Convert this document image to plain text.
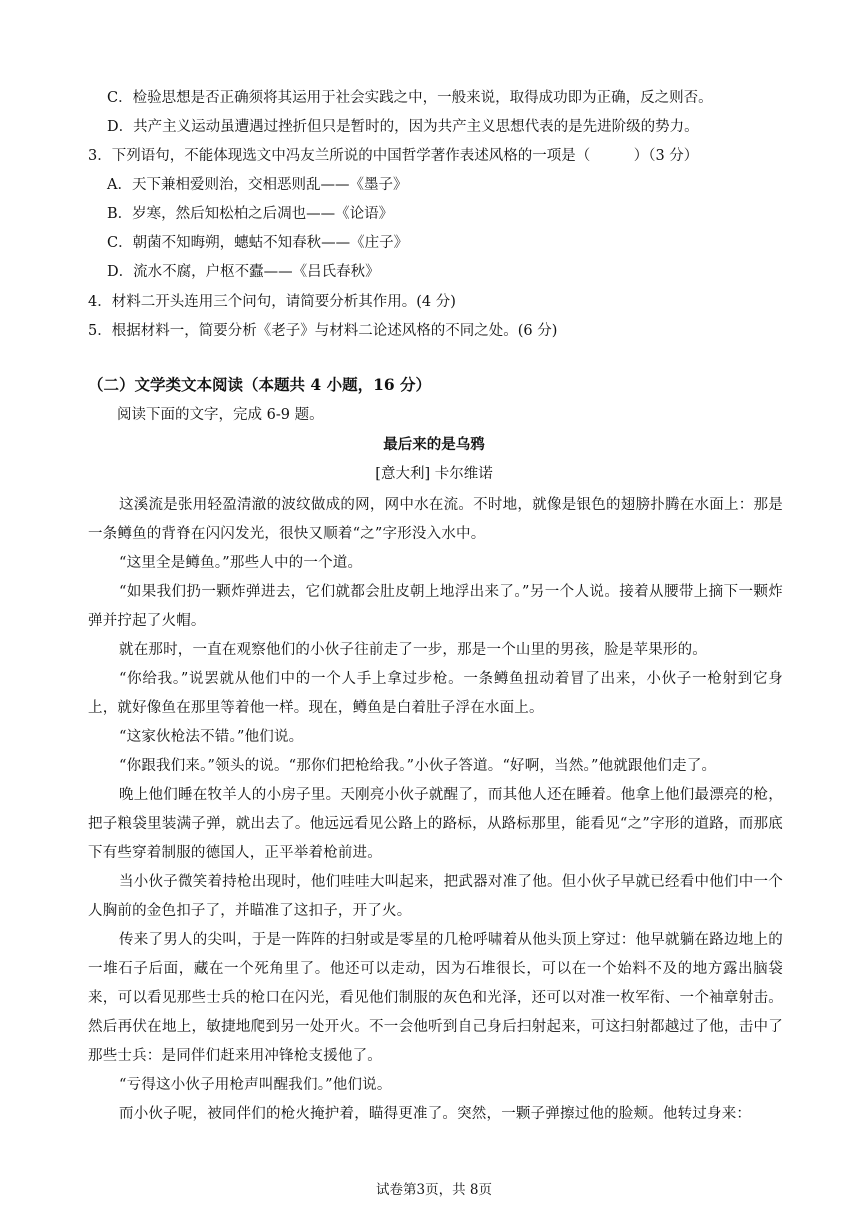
C．检验思想是否正确须将其运用于社会实践之中，一般来说，取得成功即为正确，反之则否。
D．共产主义运动虽遭遇过挫折但只是暂时的，因为共产主义思想代表的是先进阶级的势力。
3．下列语句，不能体现选文中冯友兰所说的中国哲学著作表述风格的一项是（　　　）（3 分）
A．天下兼相爱则治，交相恶则乱——《墨子》
B．岁寒，然后知松柏之后凋也——《论语》
C．朝菌不知晦朔，蟪蛄不知春秋——《庄子》
D．流水不腐，户枢不蠹——《吕氏春秋》
4．材料二开头连用三个问句，请简要分析其作用。(4 分)
5．根据材料一，简要分析《老子》与材料二论述风格的不同之处。(6 分)
（二）文学类文本阅读（本题共 4 小题，16 分）
阅读下面的文字，完成 6-9 题。
最后来的是乌鸦
[意大利] 卡尔维诺
这溪流是张用轻盈清澈的波纹做成的网，网中水在流。不时地，就像是银色的翅膀扑腾在水面上：那是一条鳟鱼的背脊在闪闪发光，很快又顺着“之”字形没入水中。
“这里全是鳟鱼。”那些人中的一个道。
“如果我们扔一颗炸弹进去，它们就都会肚皮朝上地浮出来了。”另一个人说。接着从腰带上摘下一颗炸弹并拧起了火帽。
就在那时，一直在观察他们的小伙子往前走了一步，那是一个山里的男孩，脸是苹果形的。
“你给我。”说罢就从他们中的一个人手上拿过步枪。一条鳟鱼扭动着冒了出来，小伙子一枪射到它身上，就好像鱼在那里等着他一样。现在，鳟鱼是白着肚子浮在水面上。
“这家伙枪法不错。”他们说。
“你跟我们来。”领头的说。“那你们把枪给我。”小伙子答道。“好啊，当然。”他就跟他们走了。
晚上他们睡在牧羊人的小房子里。天刚亮小伙子就醒了，而其他人还在睡着。他拿上他们最漂亮的枪，把子粮袋里装满子弹，就出去了。他远远看见公路上的路标，从路标那里，能看见“之”字形的道路，而那底下有些穿着制服的德国人，正平举着枪前进。
当小伙子微笑着持枪出现时，他们哇哇大叫起来，把武器对准了他。但小伙子早就已经看中他们中一个人胸前的金色扣子了，并瞄准了这扣子，开了火。
传来了男人的尖叫，于是一阵阵的扫射或是零星的几枪呼啸着从他头顶上穿过：他早就躺在路边地上的一堆石子后面，藏在一个死角里了。他还可以走动，因为石堆很长，可以在一个始料不及的地方露出脑袋来，可以看见那些士兵的枪口在闪光，看见他们制服的灰色和光泽，还可以对准一枚军衔、一个袖章射击。然后再伏在地上，敏捷地爬到另一处开火。不一会他听到自己身后扫射起来，可这扫射都越过了他，击中了那些士兵：是同伴们赶来用冲锋枪支援他了。
“亏得这小伙子用枪声叫醒我们。”他们说。
而小伙子呢，被同伴们的枪火掩护着，瞄得更准了。突然，一颗子弹擦过他的脸颊。他转过身来：
试卷第3页，共 8页
